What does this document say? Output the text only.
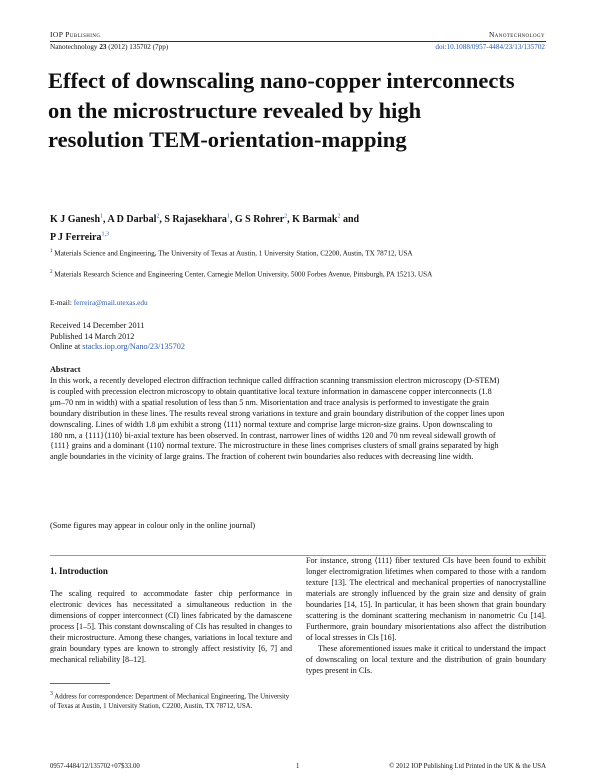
IOP Publishing	Nanotechnology
Nanotechnology 23 (2012) 135702 (7pp)	doi:10.1088/0957-4484/23/13/135702
Effect of downscaling nano-copper interconnects on the microstructure revealed by high resolution TEM-orientation-mapping
K J Ganesh$^1$, A D Darbal$^2$, S Rajasekhara$^1$, G S Rohrer$^2$, K Barmak$^2$ and
P J Ferreira$^{1,3}$
$^1$ Materials Science and Engineering, The University of Texas at Austin, 1 University Station, C2200, Austin, TX 78712, USA
$^2$ Materials Research Science and Engineering Center, Carnegie Mellon University, 5000 Forbes Avenue, Pittsburgh, PA 15213, USA
E-mail: ferreira@mail.utexas.edu
Received 14 December 2011
Published 14 March 2012
Online at stacks.iop.org/Nano/23/135702
Abstract
In this work, a recently developed electron diffraction technique called diffraction scanning transmission electron microscopy (D-STEM) is coupled with precession electron microscopy to obtain quantitative local texture information in damascene copper interconnects (1.8 μm–70 nm in width) with a spatial resolution of less than 5 nm. Misorientation and trace analysis is performed to investigate the grain boundary distribution in these lines. The results reveal strong variations in texture and grain boundary distribution of the copper lines upon downscaling. Lines of width 1.8 μm exhibit a strong ⟨111⟩ normal texture and comprise large micron-size grains. Upon downscaling to 180 nm, a {111}⟨110⟩ bi-axial texture has been observed. In contrast, narrower lines of widths 120 and 70 nm reveal sidewall growth of {111} grains and a dominant ⟨110⟩ normal texture. The microstructure in these lines comprises clusters of small grains separated by high angle boundaries in the vicinity of large grains. The fraction of coherent twin boundaries also reduces with decreasing line width.
(Some figures may appear in colour only in the online journal)
1. Introduction
The scaling required to accommodate faster chip performance in electronic devices has necessitated a simultaneous reduction in the dimensions of copper interconnect (CI) lines fabricated by the damascene process [1–5]. This constant downscaling of CIs has resulted in changes to their microstructure. Among these changes, variations in local texture and grain boundary types are known to strongly affect resistivity [6, 7] and mechanical reliability [8–12].
For instance, strong ⟨111⟩ fiber textured CIs have been found to exhibit longer electromigration lifetimes when compared to those with a random texture [13]. The electrical and mechanical properties of nanocrystalline materials are strongly influenced by the grain size and density of grain boundaries [14, 15]. In particular, it has been shown that grain boundary scattering is the dominant scattering mechanism in nanometric Cu [14]. Furthermore, grain boundary misorientations also affect the distribution of local stresses in CIs [16].
These aforementioned issues make it critical to understand the impact of downscaling on local texture and the distribution of grain boundary types present in CIs.
$^3$ Address for correspondence: Department of Mechanical Engineering, The University of Texas at Austin, 1 University Station, C2200, Austin, TX 78712, USA.
0957-4484/12/135702+07$33.00	1	© 2012 IOP Publishing Ltd Printed in the UK & the USA
